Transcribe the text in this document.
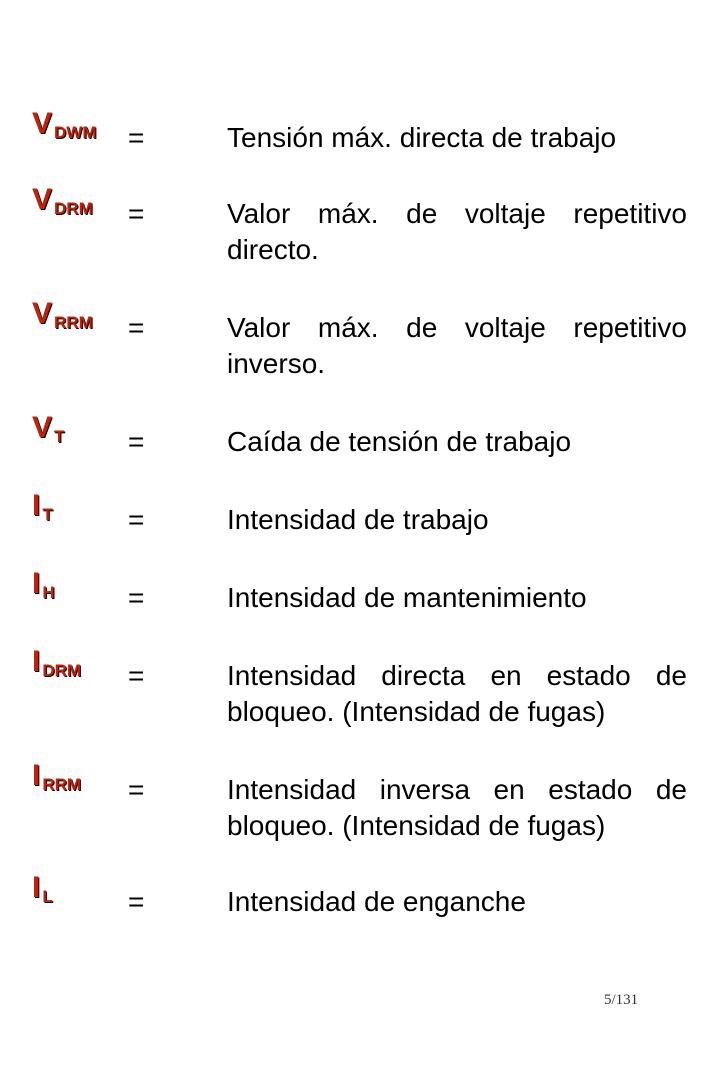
V $_{DWM}$ =	Tensión máx. directa de trabajo
V $_{DRM}$ =	Valor máx. de voltaje repetitivo directo.
V $_{RRM}$ =	Valor máx. de voltaje repetitivo inverso.
V $_T$ =	Caída de tensión de trabajo
I $_T$	=	Intensidad de trabajo
I $_H$	=	Intensidad de mantenimiento
I $_{DRM}$ =	Intensidad directa en estado de bloqueo. (Intensidad de fugas)
I $_{RRM}$ =	Intensidad inversa en estado de bloqueo. (Intensidad de fugas)
I $_L$	=	Intensidad de enganche
5/131
